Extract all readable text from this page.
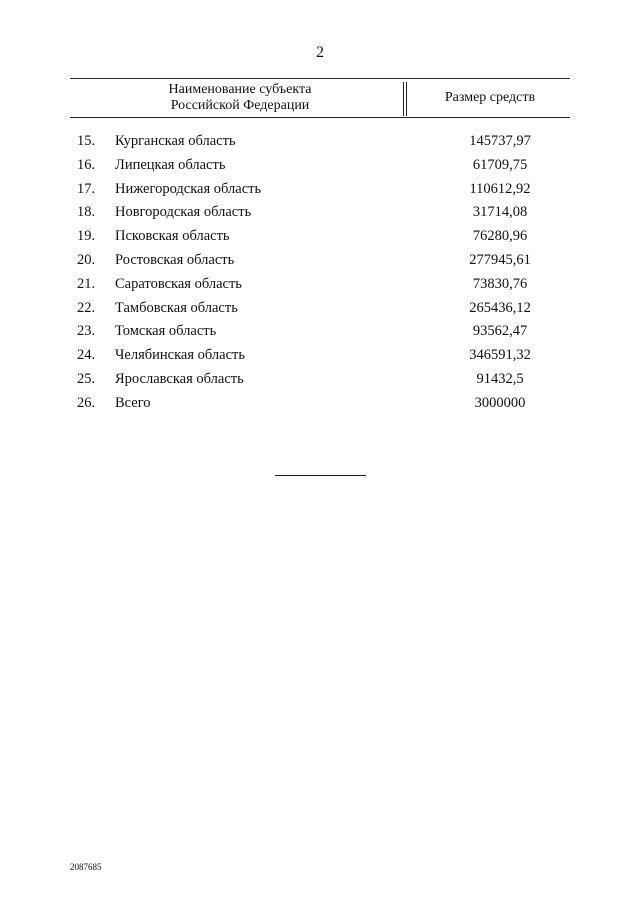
2
Наименование субъекта
Российской Федерации
Размер средств
15. Курганская область	145737,97
16. Липецкая область	61709,75
17. Нижегородская область	110612,92
18. Новгородская область	31714,08
19. Псковская область	76280,96
20. Ростовская область	277945,61
21. Саратовская область	73830,76
22. Тамбовская область	265436,12
23. Томская область	93562,47
24. Челябинская область	346591,32
25. Ярославская область	91432,5
26. Всего	3000000
2087685
